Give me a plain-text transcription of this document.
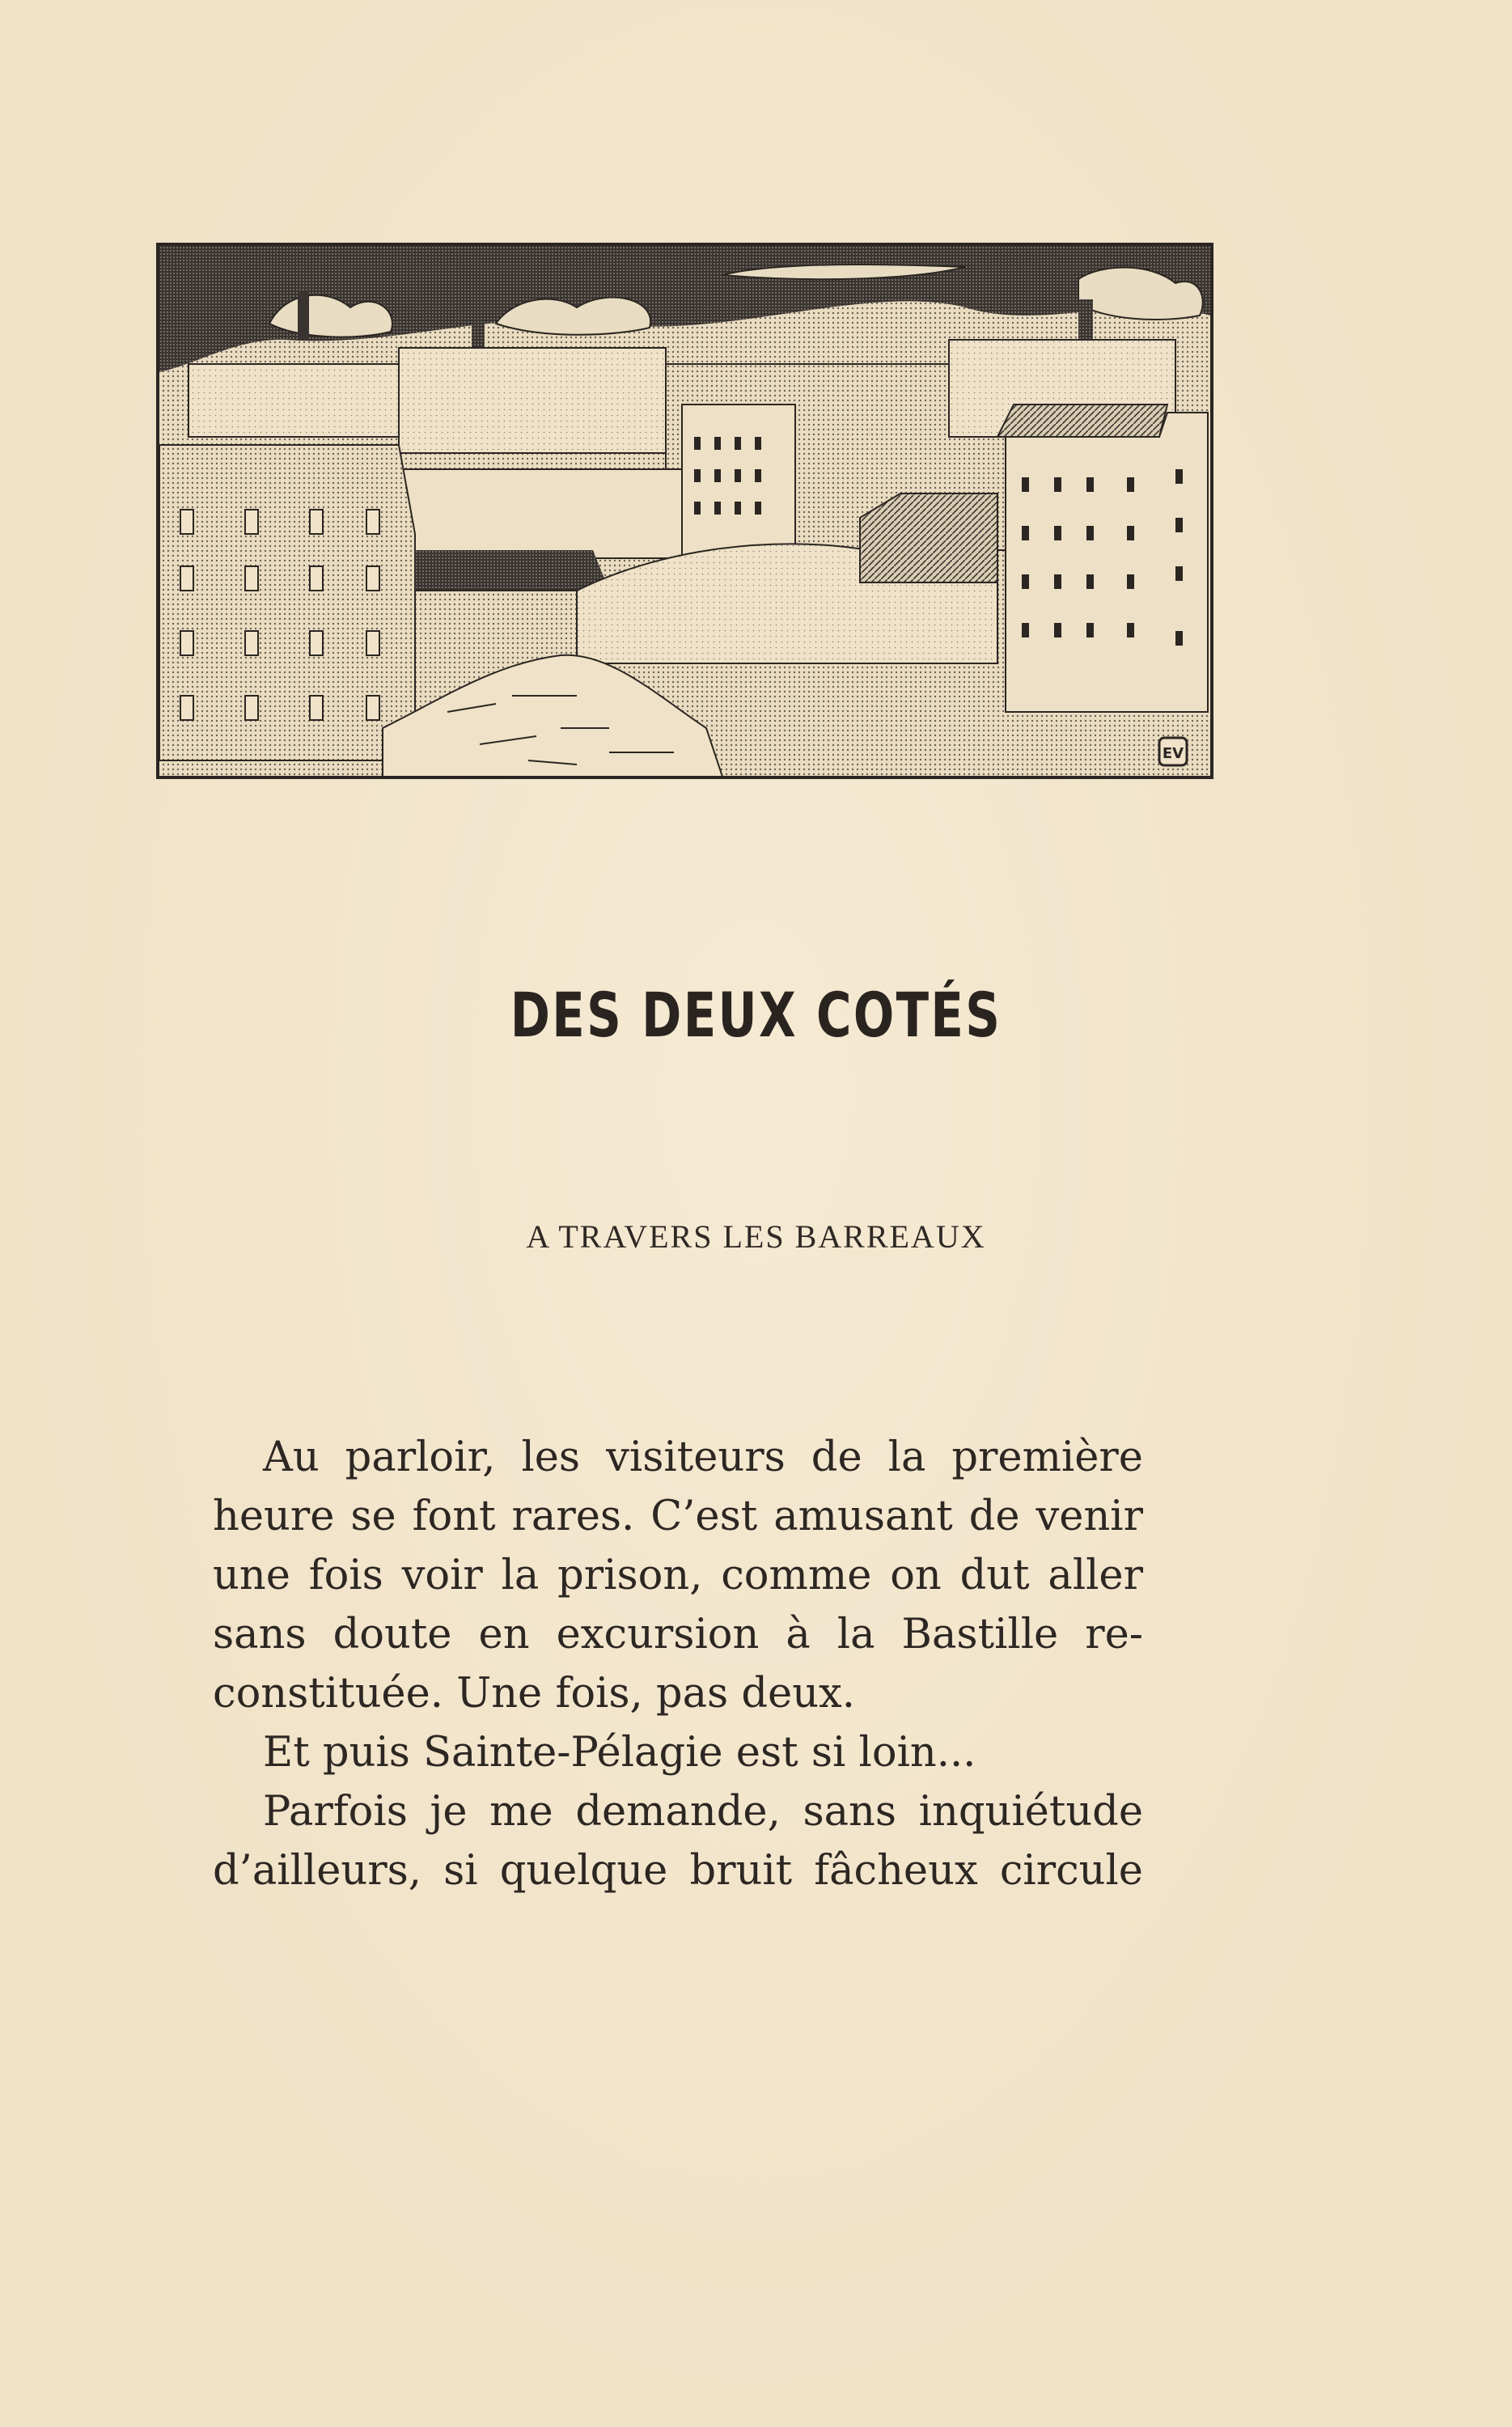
EV
DES DEUX COTÉS
A TRAVERS LES BARREAUX
Au parloir, les visiteurs de la première
heure se font rares. C’est amusant de venir
une fois voir la prison, comme on dut aller
sans doute en excursion à la Bastille re-
constituée. Une fois, pas deux.
Et puis Sainte-Pélagie est si loin...
Parfois je me demande, sans inquiétude
d’ailleurs, si quelque bruit fâcheux circule
